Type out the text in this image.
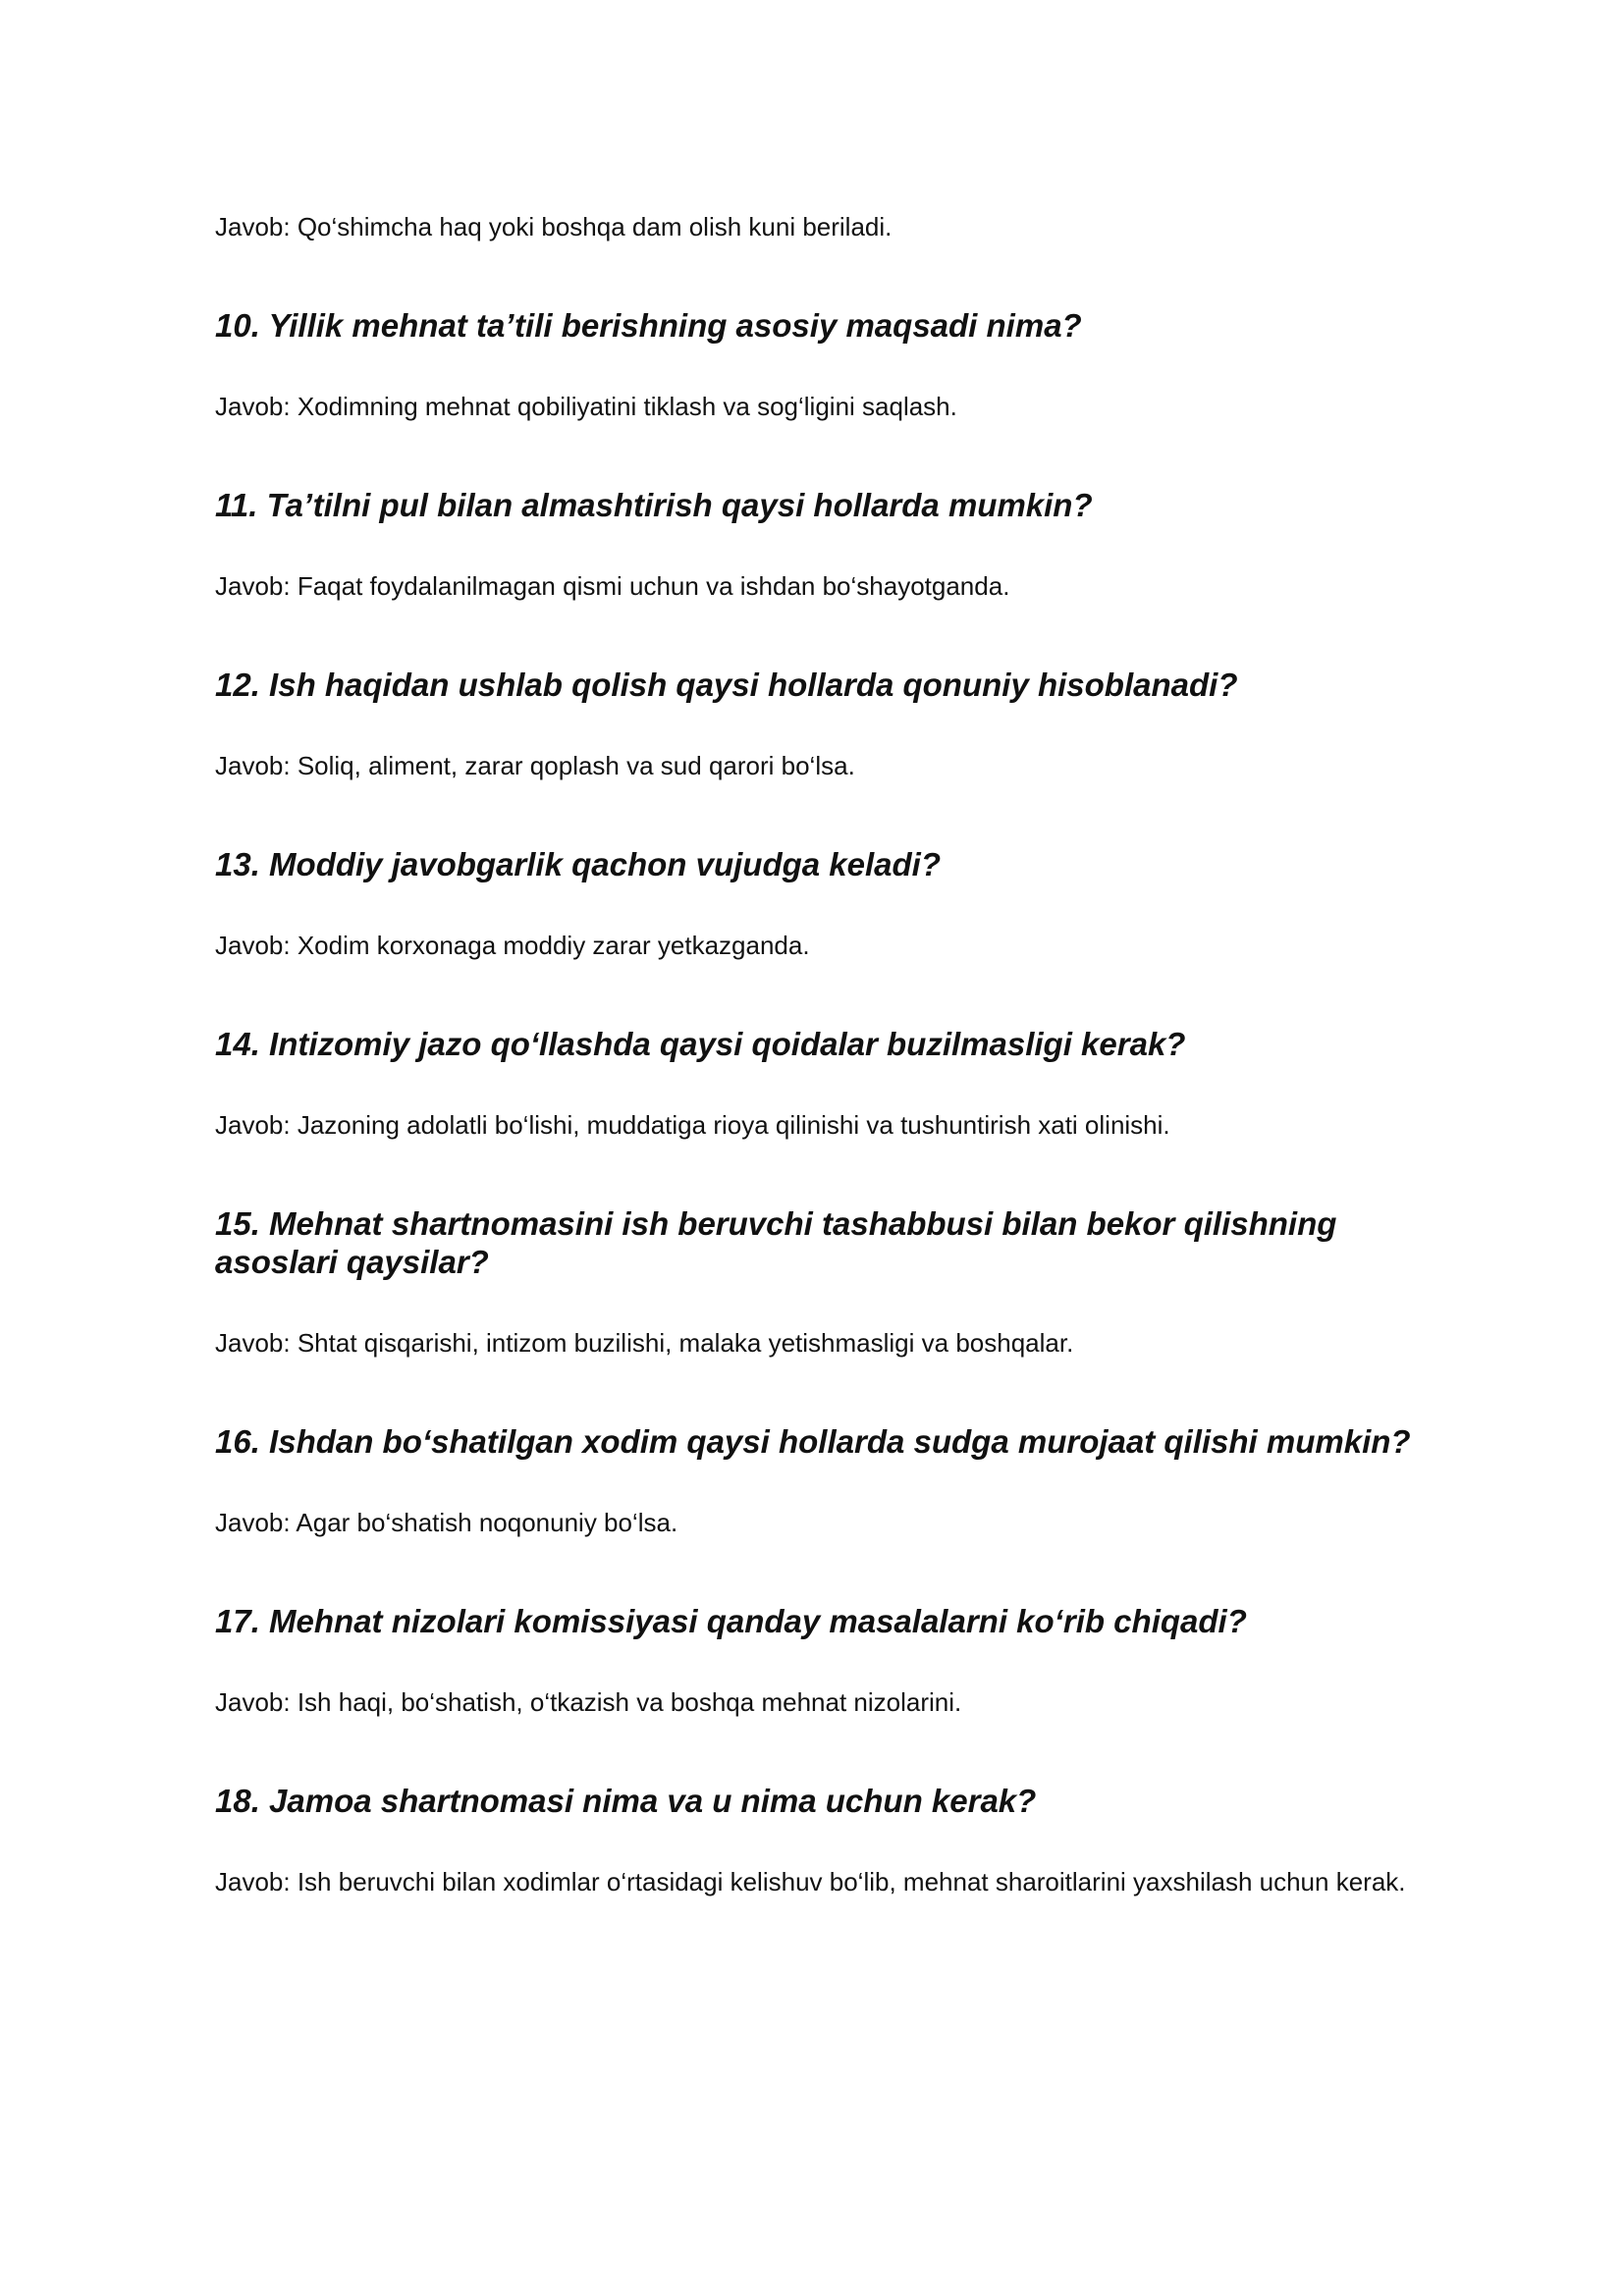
Javob: Qo‘shimcha haq yoki boshqa dam olish kuni beriladi.

10. Yillik mehnat ta’tili berishning asosiy maqsadi nima?

Javob: Xodimning mehnat qobiliyatini tiklash va sog‘ligini saqlash.

11. Ta’tilni pul bilan almashtirish qaysi hollarda mumkin?

Javob: Faqat foydalanilmagan qismi uchun va ishdan bo‘shayotganda.

12. Ish haqidan ushlab qolish qaysi hollarda qonuniy hisoblanadi?

Javob: Soliq, aliment, zarar qoplash va sud qarori bo‘lsa.

13. Moddiy javobgarlik qachon vujudga keladi?

Javob: Xodim korxonaga moddiy zarar yetkazganda.

14. Intizomiy jazo qo‘llashda qaysi qoidalar buzilmasligi kerak?

Javob: Jazoning adolatli bo‘lishi, muddatiga rioya qilinishi va tushuntirish xati olinishi.

15. Mehnat shartnomasini ish beruvchi tashabbusi bilan bekor qilishning asoslari qaysilar?

Javob: Shtat qisqarishi, intizom buzilishi, malaka yetishmasligi va boshqalar.

16. Ishdan bo‘shatilgan xodim qaysi hollarda sudga murojaat qilishi mumkin?

Javob: Agar bo‘shatish noqonuniy bo‘lsa.

17. Mehnat nizolari komissiyasi qanday masalalarni ko‘rib chiqadi?

Javob: Ish haqi, bo‘shatish, o‘tkazish va boshqa mehnat nizolarini.

18. Jamoa shartnomasi nima va u nima uchun kerak?

Javob: Ish beruvchi bilan xodimlar o‘rtasidagi kelishuv bo‘lib, mehnat sharoitlarini yaxshilash uchun kerak.
